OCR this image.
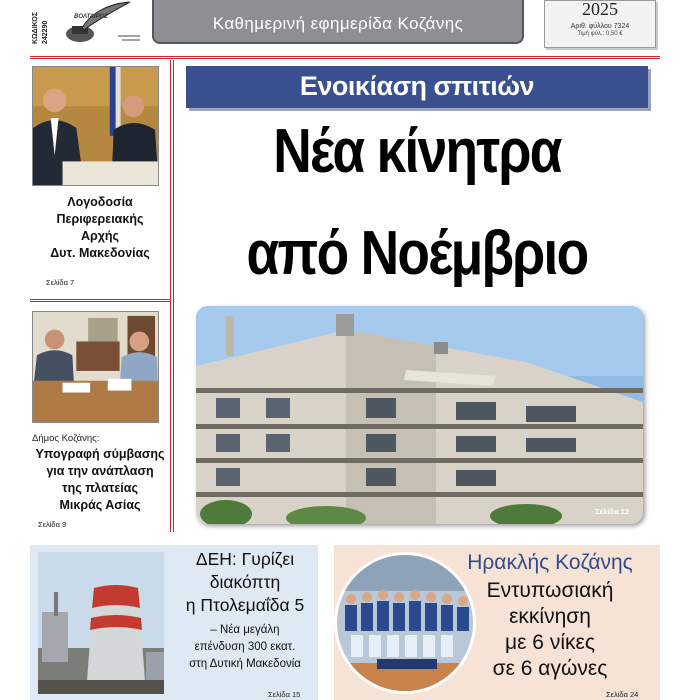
ΚΩΔΙΚΟΣ 242290
ΒΟΛΤΑΙΡΟΣ	Καθημερινή εφημερίδα Κοζάνης
2025
Αριθ. φύλλου 7324
Τιμή φύλ.: 0,50 €
Λογοδοσία
Περιφερειακής
Αρχής
Δυτ. Μακεδονίας
Σελίδα 7
Δήμος Κοζάνης:
Υπογραφή σύμβασης
για την ανάπλαση
της πλατείας
Μικράς Ασίας
Σελίδα 9
Ενοικίαση σπιτιών
Νέα κίνητρα
από Νοέμβριο
Σελίδα 12
ΔΕΗ: Γυρίζει
διακόπτη
η Πτολεμαΐδα 5
– Νέα μεγάλη
επένδυση 300 εκατ.
στη Δυτική Μακεδονία
Σελίδα 15
Ηρακλής Κοζάνης
Εντυπωσιακή
εκκίνηση
με 6 νίκες
σε 6 αγώνες
Σελίδα 24
